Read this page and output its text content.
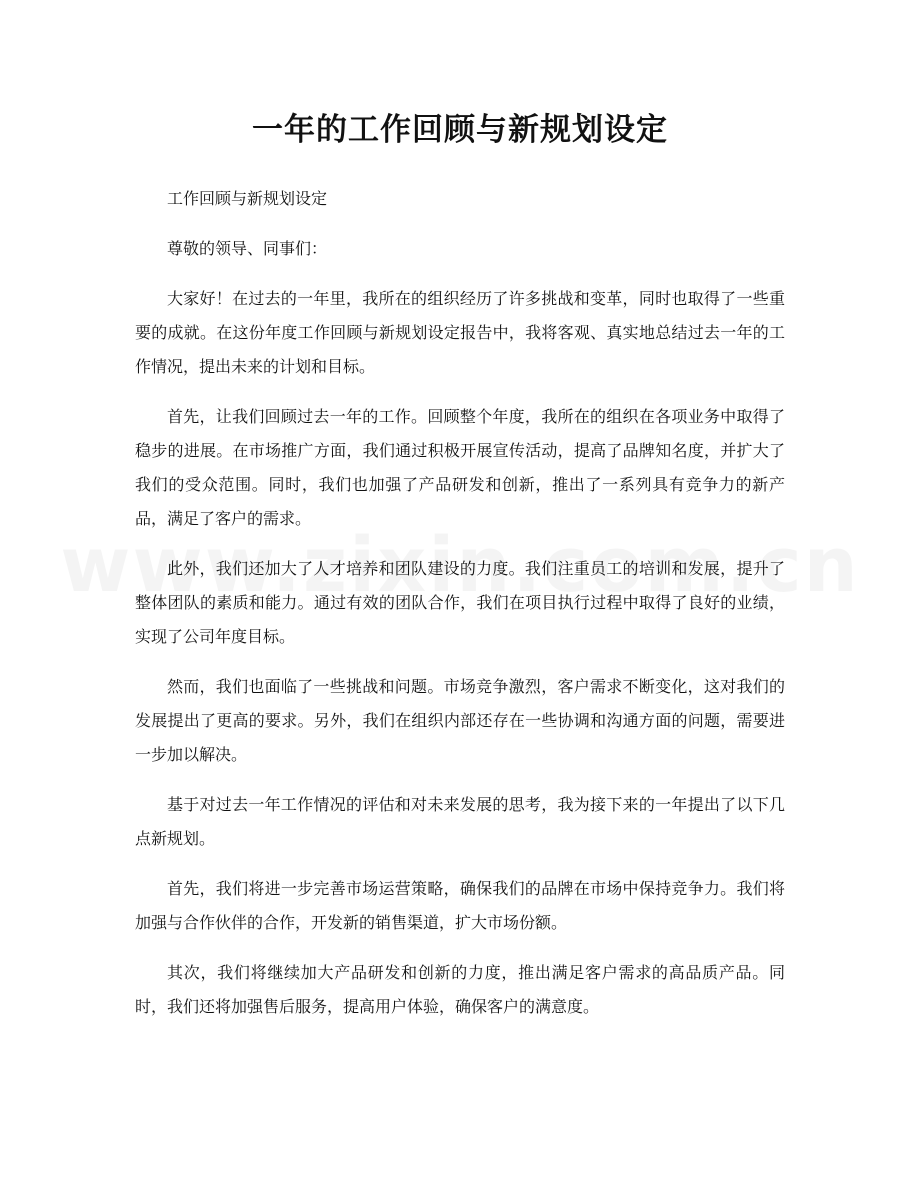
一年的工作回顾与新规划设定

工作回顾与新规划设定

尊敬的领导、同事们：

大家好！在过去的一年里，我所在的组织经历了许多挑战和变革，同时也取得了一些重要的成就。在这份年度工作回顾与新规划设定报告中，我将客观、真实地总结过去一年的工作情况，提出未来的计划和目标。

首先，让我们回顾过去一年的工作。回顾整个年度，我所在的组织在各项业务中取得了稳步的进展。在市场推广方面，我们通过积极开展宣传活动，提高了品牌知名度，并扩大了我们的受众范围。同时，我们也加强了产品研发和创新，推出了一系列具有竞争力的新产品，满足了客户的需求。

此外，我们还加大了人才培养和团队建设的力度。我们注重员工的培训和发展，提升了整体团队的素质和能力。通过有效的团队合作，我们在项目执行过程中取得了良好的业绩，实现了公司年度目标。

然而，我们也面临了一些挑战和问题。市场竞争激烈，客户需求不断变化，这对我们的发展提出了更高的要求。另外，我们在组织内部还存在一些协调和沟通方面的问题，需要进一步加以解决。

基于对过去一年工作情况的评估和对未来发展的思考，我为接下来的一年提出了以下几点新规划。

首先，我们将进一步完善市场运营策略，确保我们的品牌在市场中保持竞争力。我们将加强与合作伙伴的合作，开发新的销售渠道，扩大市场份额。

其次，我们将继续加大产品研发和创新的力度，推出满足客户需求的高品质产品。同时，我们还将加强售后服务，提高用户体验，确保客户的满意度。
